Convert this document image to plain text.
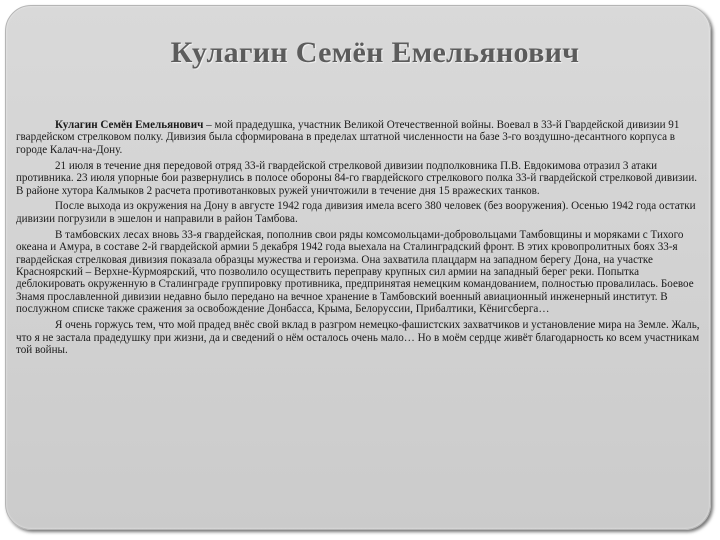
Кулагин Семён Емельянович

Кулагин Семён Емельянович – мой прадедушка, участник Великой Отечественной войны. Воевал в 33-й Гвардейской дивизии 91 гвардейском стрелковом полку. Дивизия была сформирована в пределах штатной численности на базе 3-го воздушно-десантного корпуса в городе Калач-на-Дону.

21 июля в течение дня передовой отряд 33-й гвардейской стрелковой дивизии подполковника П.В. Евдокимова отразил 3 атаки противника. 23 июля упорные бои развернулись в полосе обороны 84-го гвардейского стрелкового полка 33-й гвардейской стрелковой дивизии. В районе хутора Калмыков 2 расчета противотанковых ружей уничтожили в течение дня 15 вражеских танков.

После выхода из окружения на Дону в августе 1942 года дивизия имела всего 380 человек (без вооружения). Осенью 1942 года остатки дивизии погрузили в эшелон и направили в район Тамбова.

В тамбовских лесах вновь 33-я гвардейская, пополнив свои ряды комсомольцами-добровольцами Тамбовщины и моряками с Тихого океана и Амура, в составе 2-й гвардейской армии 5 декабря 1942 года выехала на Сталинградский фронт. В этих кровопролитных боях 33-я гвардейская стрелковая дивизия показала образцы мужества и героизма. Она захватила плацдарм на западном берегу Дона, на участке Красноярский – Верхне-Курмоярский, что позволило осуществить переправу крупных сил армии на западный берег реки. Попытка деблокировать окруженную в Сталинграде группировку противника, предпринятая немецким командованием, полностью провалилась. Боевое Знамя прославленной дивизии недавно было передано на вечное хранение в Тамбовский военный авиационный инженерный институт. В послужном списке также сражения за освобождение Донбасса, Крыма, Белоруссии, Прибалтики, Кёнигсберга…

Я очень горжусь тем, что мой прадед внёс свой вклад в разгром немецко-фашистских захватчиков и установление мира на Земле. Жаль, что я не застала прадедушку при жизни, да и сведений о нём осталось очень мало… Но в моём сердце живёт благодарность ко всем участникам той войны.
